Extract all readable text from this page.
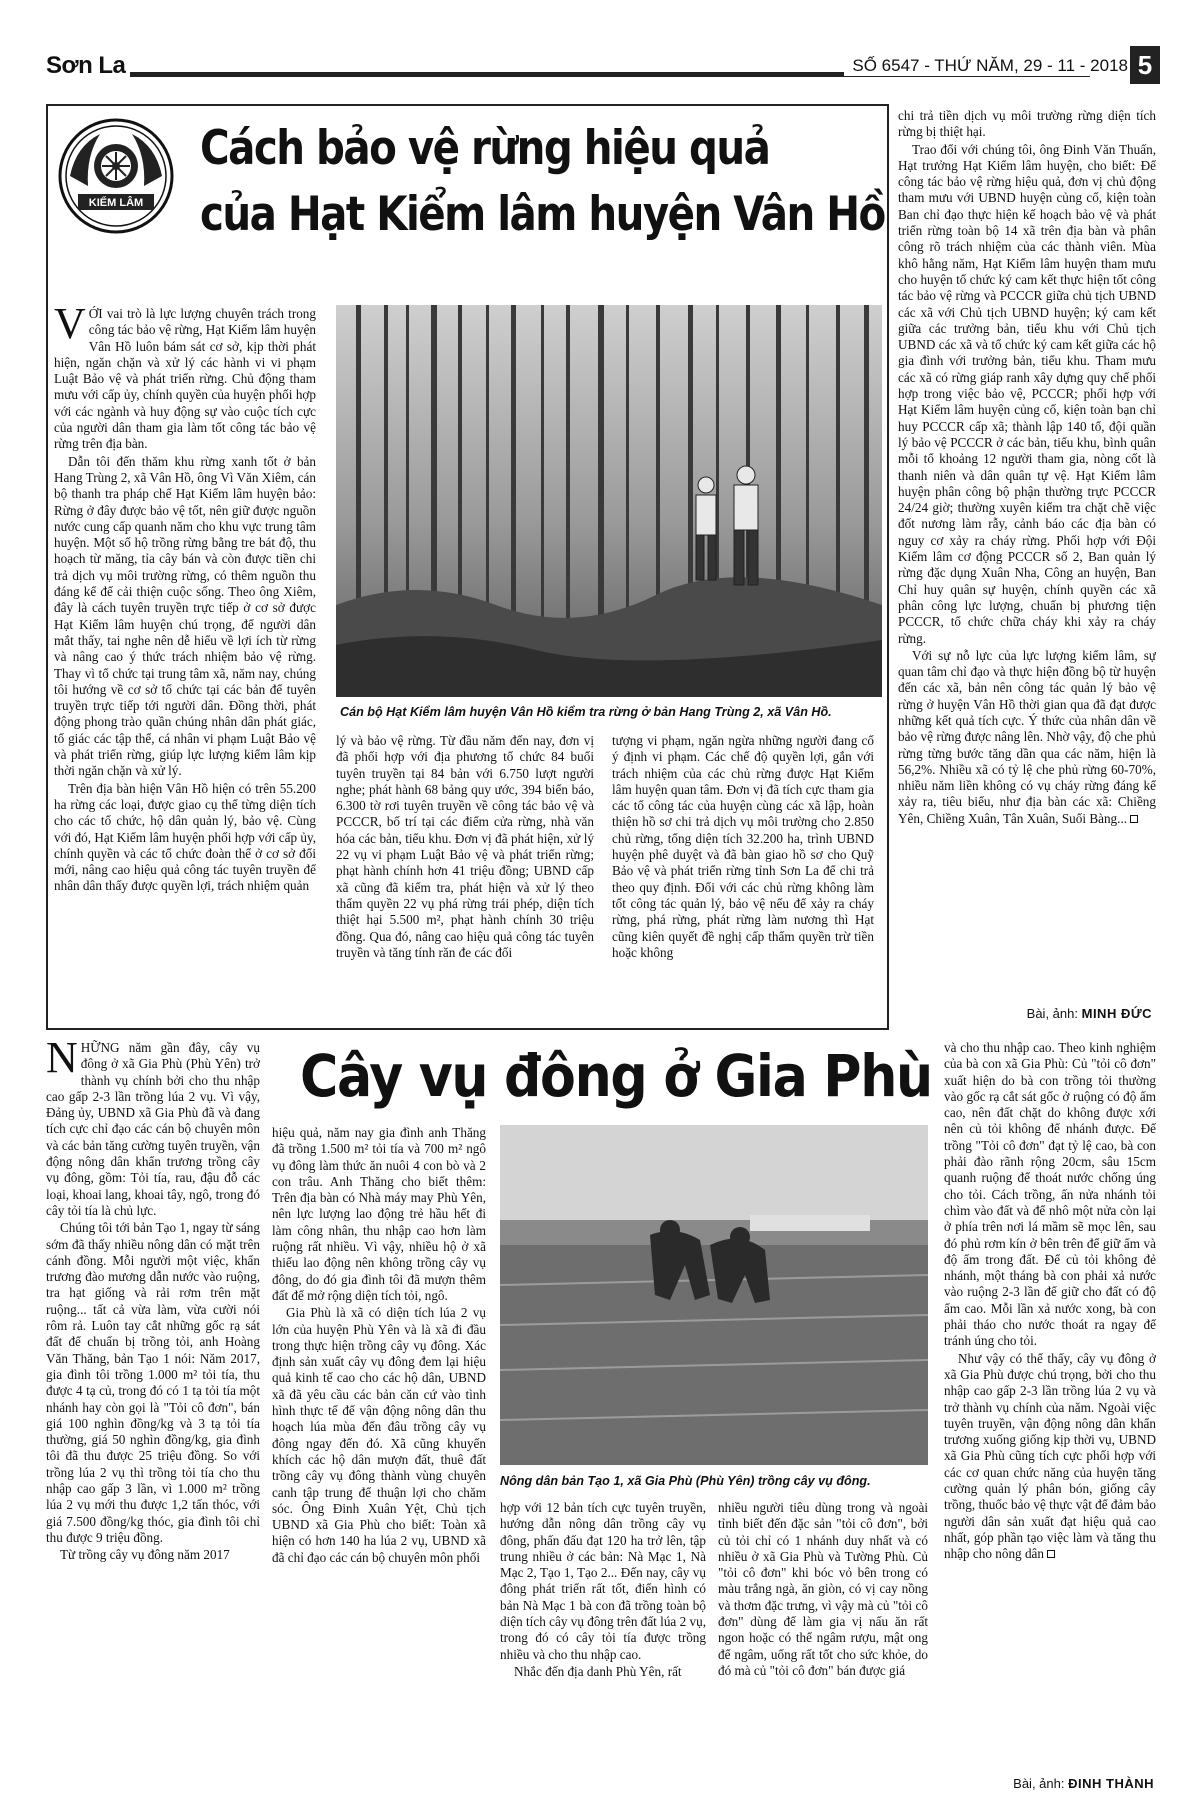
Sơn La	SỐ 6547 - THỨ NĂM, 29 - 11 - 2018 5
KIỂM LÂM
Cách bảo vệ rừng hiệu quả
của Hạt Kiểm lâm huyện Vân Hồ

VỚI vai trò là lực lượng chuyên trách trong công tác bảo vệ rừng, Hạt Kiểm lâm huyện Vân Hồ luôn bám sát cơ sở, kịp thời phát hiện, ngăn chặn và xử lý các hành vi vi phạm Luật Bảo vệ và phát triển rừng. Chủ động tham mưu với cấp ủy, chính quyền của huyện phối hợp với các ngành và huy động sự vào cuộc tích cực của người dân tham gia làm tốt công tác bảo vệ rừng trên địa bàn.

Dẫn tôi đến thăm khu rừng xanh tốt ở bản Hang Trùng 2, xã Vân Hồ, ông Vì Văn Xiêm, cán bộ thanh tra pháp chế Hạt Kiểm lâm huyện bảo: Rừng ở đây được bảo vệ tốt, nên giữ được nguồn nước cung cấp quanh năm cho khu vực trung tâm huyện. Một số hộ trồng rừng bằng tre bát độ, thu hoạch từ măng, tỉa cây bán và còn được tiền chi trả dịch vụ môi trường rừng, có thêm nguồn thu đáng kể để cải thiện cuộc sống. Theo ông Xiêm, đây là cách tuyên truyền trực tiếp ở cơ sở được Hạt Kiểm lâm huyện chú trọng, để người dân mắt thấy, tai nghe nên dễ hiểu về lợi ích từ rừng và nâng cao ý thức trách nhiệm bảo vệ rừng. Thay vì tổ chức tại trung tâm xã, năm nay, chúng tôi hướng về cơ sở tổ chức tại các bản để tuyên truyền trực tiếp tới người dân. Đồng thời, phát động phong trào quần chúng nhân dân phát giác, tố giác các tập thể, cá nhân vi phạm Luật Bảo vệ và phát triển rừng, giúp lực lượng kiểm lâm kịp thời ngăn chặn và xử lý.

Trên địa bàn hiện Vân Hồ hiện có trên 55.200 ha rừng các loại, được giao cụ thể từng diện tích cho các tổ chức, hộ dân quản lý, bảo vệ. Cùng với đó, Hạt Kiểm lâm huyện phối hợp với cấp ủy, chính quyền và các tổ chức đoàn thể ở cơ sở đổi mới, nâng cao hiệu quả công tác tuyên truyền để nhân dân thấy được quyền lợi, trách nhiệm quản

Cán bộ Hạt Kiểm lâm huyện Vân Hồ kiểm tra rừng ở bản Hang Trùng 2, xã Vân Hồ.

lý và bảo vệ rừng. Từ đầu năm đến nay, đơn vị đã phối hợp với địa phương tổ chức 84 buổi tuyên truyền tại 84 bản với 6.750 lượt người nghe; phát hành 68 bảng quy ước, 394 biển báo, 6.300 tờ rơi tuyên truyền về công tác bảo vệ và PCCCR, bố trí tại các điểm cửa rừng, nhà văn hóa các bản, tiểu khu. Đơn vị đã phát hiện, xử lý 22 vụ vi phạm Luật Bảo vệ và phát triển rừng; phạt hành chính hơn 41 triệu đồng; UBND cấp xã cũng đã kiểm tra, phát hiện và xử lý theo thẩm quyền 22 vụ phá rừng trái phép, diện tích thiệt hại 5.500 m², phạt hành chính 30 triệu đồng. Qua đó, nâng cao hiệu quả công tác tuyên truyền và tăng tính răn đe các đối

tượng vi phạm, ngăn ngừa những người đang cố ý định vi phạm. Các chế độ quyền lợi, gắn với trách nhiệm của các chủ rừng được Hạt Kiểm lâm huyện quan tâm. Đơn vị đã tích cực tham gia các tổ công tác của huyện cùng các xã lập, hoàn thiện hồ sơ chi trả dịch vụ môi trường cho 2.850 chủ rừng, tổng diện tích 32.200 ha, trình UBND huyện phê duyệt và đã bàn giao hồ sơ cho Quỹ Bảo vệ và phát triển rừng tỉnh Sơn La để chi trả theo quy định. Đối với các chủ rừng không làm tốt công tác quản lý, bảo vệ nếu để xảy ra cháy rừng, phá rừng, phát rừng làm nương thì Hạt cũng kiên quyết đề nghị cấp thẩm quyền trừ tiền hoặc không

chi trả tiền dịch vụ môi trường rừng diện tích rừng bị thiệt hại.

Trao đổi với chúng tôi, ông Đinh Văn Thuấn, Hạt trưởng Hạt Kiểm lâm huyện, cho biết: Để công tác bảo vệ rừng hiệu quả, đơn vị chủ động tham mưu với UBND huyện củng cố, kiện toàn Ban chỉ đạo thực hiện kế hoạch bảo vệ và phát triển rừng toàn bộ 14 xã trên địa bàn và phân công rõ trách nhiệm của các thành viên. Mùa khô hằng năm, Hạt Kiểm lâm huyện tham mưu cho huyện tổ chức ký cam kết thực hiện tốt công tác bảo vệ rừng và PCCCR giữa chủ tịch UBND các xã với Chủ tịch UBND huyện; ký cam kết giữa các trưởng bản, tiểu khu với Chủ tịch UBND các xã và tổ chức ký cam kết giữa các hộ gia đình với trưởng bản, tiểu khu. Tham mưu các xã có rừng giáp ranh xây dựng quy chế phối hợp trong việc bảo vệ, PCCCR; phối hợp với Hạt Kiểm lâm huyện củng cố, kiện toàn bạn chỉ huy PCCCR cấp xã; thành lập 140 tổ, đội quần lý bảo vệ PCCCR ở các bản, tiểu khu, bình quân mỗi tổ khoảng 12 người tham gia, nòng cốt là thanh niên và dân quân tự vệ. Hạt Kiểm lâm huyện phân công bộ phận thường trực PCCCR 24/24 giờ; thường xuyên kiểm tra chặt chẽ việc đốt nương làm rẫy, cảnh báo các địa bàn có nguy cơ xảy ra cháy rừng. Phối hợp với Đội Kiểm lâm cơ động PCCCR số 2, Ban quản lý rừng đặc dụng Xuân Nha, Công an huyện, Ban Chỉ huy quân sự huyện, chính quyền các xã phân công lực lượng, chuẩn bị phương tiện PCCCR, tổ chức chữa cháy khi xảy ra cháy rừng.

Với sự nỗ lực của lực lượng kiểm lâm, sự quan tâm chỉ đạo và thực hiện đồng bộ từ huyện đến các xã, bản nên công tác quản lý bảo vệ rừng ở huyện Vân Hồ thời gian qua đã đạt được những kết quả tích cực. Ý thức của nhân dân về bảo vệ rừng được nâng lên. Nhờ vậy, độ che phủ rừng từng bước tăng dần qua các năm, hiện là 56,2%. Nhiều xã có tỷ lệ che phủ rừng 60-70%, nhiều năm liền không có vụ cháy rừng đáng kể xảy ra, tiêu biểu, như địa bàn các xã: Chiềng Yên, Chiềng Xuân, Tân Xuân, Suối Bàng...

Bài, ảnh: MINH ĐỨC
Cây vụ đông ở Gia Phù

NHỮNG năm gần đây, cây vụ đông ở xã Gia Phù (Phù Yên) trở thành vụ chính bởi cho thu nhập cao gấp 2-3 lần trồng lúa 2 vụ. Vì vậy, Đảng ủy, UBND xã Gia Phù đã và đang tích cực chỉ đạo các cán bộ chuyên môn và các bản tăng cường tuyên truyền, vận động nông dân khẩn trương trồng cây vụ đông, gồm: Tỏi tía, rau, đậu đỗ các loại, khoai lang, khoai tây, ngô, trong đó cây tỏi tía là chủ lực.

Chúng tôi tới bản Tạo 1, ngay từ sáng sớm đã thấy nhiều nông dân có mặt trên cánh đồng. Mỗi người một việc, khẩn trương đào mương dẫn nước vào ruộng, tra hạt giống và rải rơm trên mặt ruộng... tất cả vừa làm, vừa cười nói rôm rả. Luôn tay cắt những gốc rạ sát đất để chuẩn bị trồng tỏi, anh Hoàng Văn Thăng, bản Tạo 1 nói: Năm 2017, gia đình tôi trồng 1.000 m² tỏi tía, thu được 4 tạ củ, trong đó có 1 tạ tỏi tía một nhánh hay còn gọi là "Tỏi cô đơn", bán giá 100 nghìn đồng/kg và 3 tạ tỏi tía thường, giá 50 nghìn đồng/kg, gia đình tôi đã thu được 25 triệu đồng. So với trồng lúa 2 vụ thì trồng tỏi tía cho thu nhập cao gấp 3 lần, vì 1.000 m² trồng lúa 2 vụ mới thu được 1,2 tấn thóc, với giá 7.500 đồng/kg thóc, gia đình tôi chỉ thu được 9 triệu đồng.

Từ trồng cây vụ đông năm 2017

hiệu quả, năm nay gia đình anh Thăng đã trồng 1.500 m² tỏi tía và 700 m² ngô vụ đông làm thức ăn nuôi 4 con bò và 2 con trâu. Anh Thăng cho biết thêm: Trên địa bàn có Nhà máy may Phù Yên, nên lực lượng lao động trẻ hầu hết đi làm công nhân, thu nhập cao hơn làm ruộng rất nhiều. Vì vậy, nhiều hộ ở xã thiếu lao động nên không trồng cây vụ đông, do đó gia đình tôi đã mượn thêm đất để mở rộng diện tích tỏi, ngô.

Gia Phù là xã có diện tích lúa 2 vụ lớn của huyện Phù Yên và là xã đi đầu trong thực hiện trồng cây vụ đông. Xác định sản xuất cây vụ đông đem lại hiệu quả kinh tế cao cho các hộ dân, UBND xã đã yêu cầu các bản căn cứ vào tình hình thực tế để vận động nông dân thu hoạch lúa mùa đến đâu trồng cây vụ đông ngay đến đó. Xã cũng khuyến khích các hộ dân mượn đất, thuê đất trồng cây vụ đông thành vùng chuyên canh tập trung để thuận lợi cho chăm sóc. Ông Đinh Xuân Yệt, Chủ tịch UBND xã Gia Phù cho biết: Toàn xã hiện có hơn 140 ha lúa 2 vụ, UBND xã đã chỉ đạo các cán bộ chuyên môn phối

Nông dân bản Tạo 1, xã Gia Phù (Phù Yên) trồng cây vụ đông.

hợp với 12 bản tích cực tuyên truyền, hướng dẫn nông dân trồng cây vụ đông, phấn đấu đạt 120 ha trở lên, tập trung nhiều ở các bản: Nà Mạc 1, Nà Mạc 2, Tạo 1, Tạo 2... Đến nay, cây vụ đông phát triển rất tốt, điển hình có bản Nà Mạc 1 bà con đã trồng toàn bộ diện tích cây vụ đông trên đất lúa 2 vụ, trong đó có cây tỏi tía được trồng nhiều và cho thu nhập cao.

Nhắc đến địa danh Phù Yên, rất

nhiều người tiêu dùng trong và ngoài tỉnh biết đến đặc sản "tỏi cô đơn", bởi củ tỏi chỉ có 1 nhánh duy nhất và có nhiều ở xã Gia Phù và Tường Phù. Củ "tỏi cô đơn" khi bóc vỏ bên trong có màu trắng ngà, ăn giòn, có vị cay nồng và thơm đặc trưng, vì vậy mà củ "tỏi cô đơn" dùng để làm gia vị nấu ăn rất ngon hoặc có thể ngâm rượu, mật ong để ngâm, uống rất tốt cho sức khỏe, do đó mà củ "tỏi cô đơn" bán được giá

và cho thu nhập cao. Theo kinh nghiệm của bà con xã Gia Phù: Củ "tỏi cô đơn" xuất hiện do bà con trồng tỏi thường vào gốc rạ cắt sát gốc ở ruộng có độ ẩm cao, nên đất chặt do không được xới nên củ tỏi không để nhánh được. Để trồng "Tỏi cô đơn" đạt tỷ lệ cao, bà con phải đào rãnh rộng 20cm, sâu 15cm quanh ruộng để thoát nước chống úng cho tỏi. Cách trồng, ấn nửa nhánh tỏi chìm vào đất và để nhô một nửa còn lại ở phía trên nơi lá mầm sẽ mọc lên, sau đó phủ rơm kín ở bên trên để giữ ẩm và độ ẩm trong đất. Để củ tỏi không đẻ nhánh, một tháng bà con phải xả nước vào ruộng 2-3 lần để giữ cho đất có độ ẩm cao. Mỗi lần xả nước xong, bà con phải tháo cho nước thoát ra ngay để tránh úng cho tỏi.

Như vậy có thể thấy, cây vụ đông ở xã Gia Phù được chú trọng, bởi cho thu nhập cao gấp 2-3 lần trồng lúa 2 vụ và trở thành vụ chính của năm. Ngoài việc tuyên truyền, vận động nông dân khẩn trương xuống giống kịp thời vụ, UBND xã Gia Phù cũng tích cực phối hợp với các cơ quan chức năng của huyện tăng cường quản lý phân bón, giống cây trồng, thuốc bảo vệ thực vật để đảm bảo người dân sản xuất đạt hiệu quả cao nhất, góp phần tạo việc làm và tăng thu nhập cho nông dân

Bài, ảnh: ĐINH THÀNH
